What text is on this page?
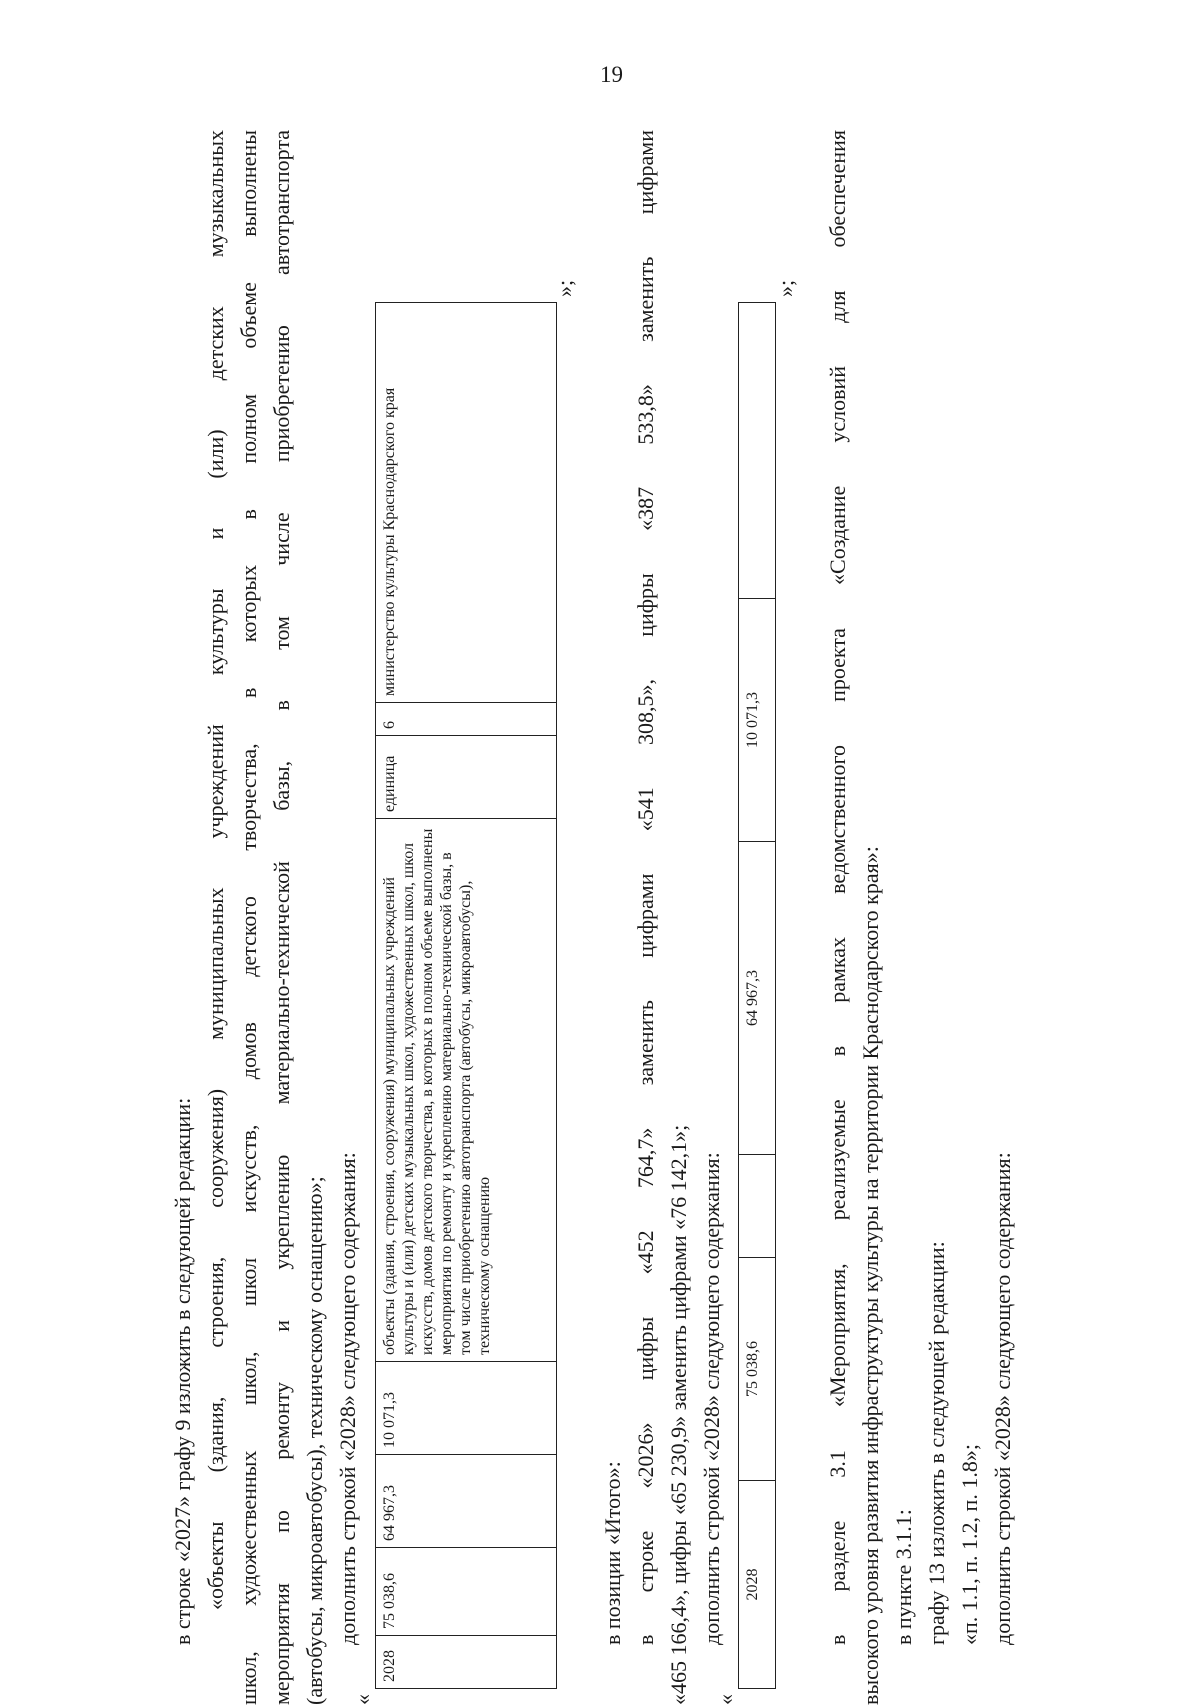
19
в строке «2027» графу 9 изложить в следующей редакции: «объекты (здания, строения, сооружения) муниципальных учреждений культуры и (или) детских музыкальных школ, художественных школ, школ искусств, домов детского творчества, в которых в полном объеме выполнены мероприятия по ремонту и укреплению материально-технической базы, в том числе приобретению автотранспорта (автобусы, микроавтобусы), техническому оснащению»; дополнить строкой «2028» следующего содержания:
«
2028	75 038,6	64 967,3	10 071,3	объекты (здания, строения, сооружения) муниципальных учреждений культуры и (или) детских музыкальных школ, художественных школ, школ искусств, домов детского творчества, в которых в полном объеме выполнены мероприятия по ремонту и укреплению материально-технической базы, в том числе приобретению автотранспорта (автобусы, микроавтобусы), техническому оснащению	единица	6	министерство культуры Краснодарского края
»;
в позиции «Итого»: в строке «2026» цифры «452 764,7» заменить цифрами «541 308,5», цифры «387 533,8» заменить цифрами «465 166,4», цифры «65 230,9» заменить цифрами «76 142,1»; дополнить строкой «2028» следующего содержания:
«
2028	75 038,6		64 967,3	10 071,3	
»; в разделе 3.1 «Мероприятия, реализуемые в рамках ведомственного проекта «Создание условий для обеспечения высокого уровня развития инфраструктуры культуры на территории Краснодарского края»: в пункте 3.1.1: графу 13 изложить в следующей редакции: «п. 1.1, п. 1.2, п. 1.8»; дополнить строкой «2028» следующего содержания:
